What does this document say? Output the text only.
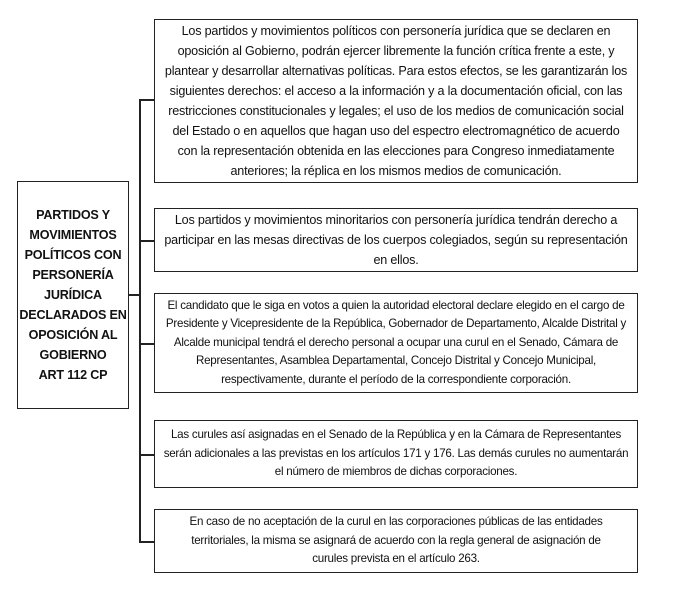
PARTIDOS Y MOVIMIENTOS POLÍTICOS CON PERSONERÍA JURÍDICA DECLARADOS EN OPOSICIÓN AL GOBIERNO

ART 112 CP

Los partidos y movimientos políticos con personería jurídica que se declaren en oposición al Gobierno, podrán ejercer libremente la función crítica frente a este, y plantear y desarrollar alternativas políticas. Para estos efectos, se les garantizarán los siguientes derechos: el acceso a la información y a la documentación oficial, con las restricciones constitucionales y legales; el uso de los medios de comunicación social del Estado o en aquellos que hagan uso del espectro electromagnético de acuerdo con la representación obtenida en las elecciones para Congreso inmediatamente anteriores; la réplica en los mismos medios de comunicación.

Los partidos y movimientos minoritarios con personería jurídica tendrán derecho a participar en las mesas directivas de los cuerpos colegiados, según su representación en ellos.

El candidato que le siga en votos a quien la autoridad electoral declare elegido en el cargo de Presidente y Vicepresidente de la República, Gobernador de Departamento, Alcalde Distrital y Alcalde municipal tendrá el derecho personal a ocupar una curul en el Senado, Cámara de Representantes, Asamblea Departamental, Concejo Distrital y Concejo Municipal, respectivamente, durante el período de la correspondiente corporación.

Las curules así asignadas en el Senado de la República y en la Cámara de Representantes serán adicionales a las previstas en los artículos 171 y 176. Las demás curules no aumentarán el número de miembros de dichas corporaciones.

En caso de no aceptación de la curul en las corporaciones públicas de las entidades territoriales, la misma se asignará de acuerdo con la regla general de asignación de curules prevista en el artículo 263.
